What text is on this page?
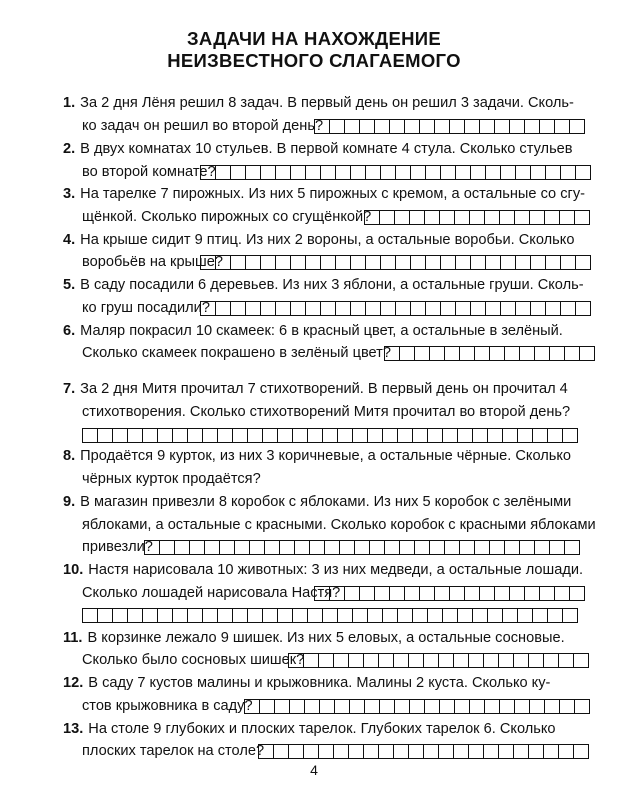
ЗАДАЧИ НА НАХОЖДЕНИЕ
НЕИЗВЕСТНОГО СЛАГАЕМОГО
1. За 2 дня Лёня решил 8 задач. В первый день он решил 3 задачи. Сколь-
ко задач он решил во второй день?
2. В двух комнатах 10 стульев. В первой комнате 4 стула. Сколько стульев
во второй комнате?
3. На тарелке 7 пирожных. Из них 5 пирожных с кремом, а остальные со сгу-
щёнкой. Сколько пирожных со сгущёнкой?
4. На крыше сидит 9 птиц. Из них 2 вороны, а остальные воробьи. Сколько
воробьёв на крыше?
5. В саду посадили 6 деревьев. Из них 3 яблони, а остальные груши. Сколь-
ко груш посадили?
6. Маляр покрасил 10 скамеек: 6 в красный цвет, а остальные в зелёный.
Сколько скамеек покрашено в зелёный цвет?
7. За 2 дня Митя прочитал 7 стихотворений. В первый день он прочитал 4
стихотворения. Сколько стихотворений Митя прочитал во второй день?
8. Продаётся 9 курток, из них 3 коричневые, а остальные чёрные. Сколько
чёрных курток продаётся?
9. В магазин привезли 8 коробок с яблоками. Из них 5 коробок с зелёными
яблоками, а остальные с красными. Сколько коробок с красными яблоками
привезли?
10. Настя нарисовала 10 животных: 3 из них медведи, а остальные лошади.
Сколько лошадей нарисовала Настя?
11. В корзинке лежало 9 шишек. Из них 5 еловых, а остальные сосновые.
Сколько было сосновых шишек?
12. В саду 7 кустов малины и крыжовника. Малины 2 куста. Сколько ку-
стов крыжовника в саду?
13. На столе 9 глубоких и плоских тарелок. Глубоких тарелок 6. Сколько
плоских тарелок на столе?
4
